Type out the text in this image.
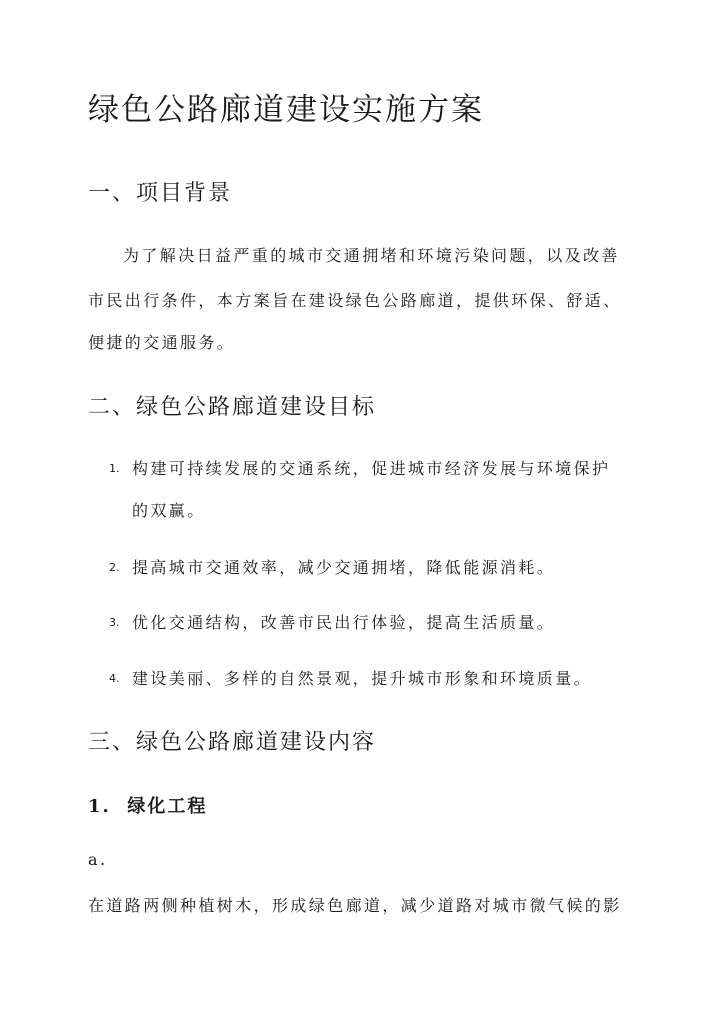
绿色公路廊道建设实施方案
一、项目背景
为了解决日益严重的城市交通拥堵和环境污染问题，以及改善
市民出行条件，本方案旨在建设绿色公路廊道，提供环保、舒适、
便捷的交通服务。
二、绿色公路廊道建设目标
1. 构建可持续发展的交通系统，促进城市经济发展与环境保护
的双赢。
2. 提高城市交通效率，减少交通拥堵，降低能源消耗。
3. 优化交通结构，改善市民出行体验，提高生活质量。
4. 建设美丽、多样的自然景观，提升城市形象和环境质量。
三、绿色公路廊道建设内容
1.  绿化工程
a.
在道路两侧种植树木，形成绿色廊道，减少道路对城市微气候的影
